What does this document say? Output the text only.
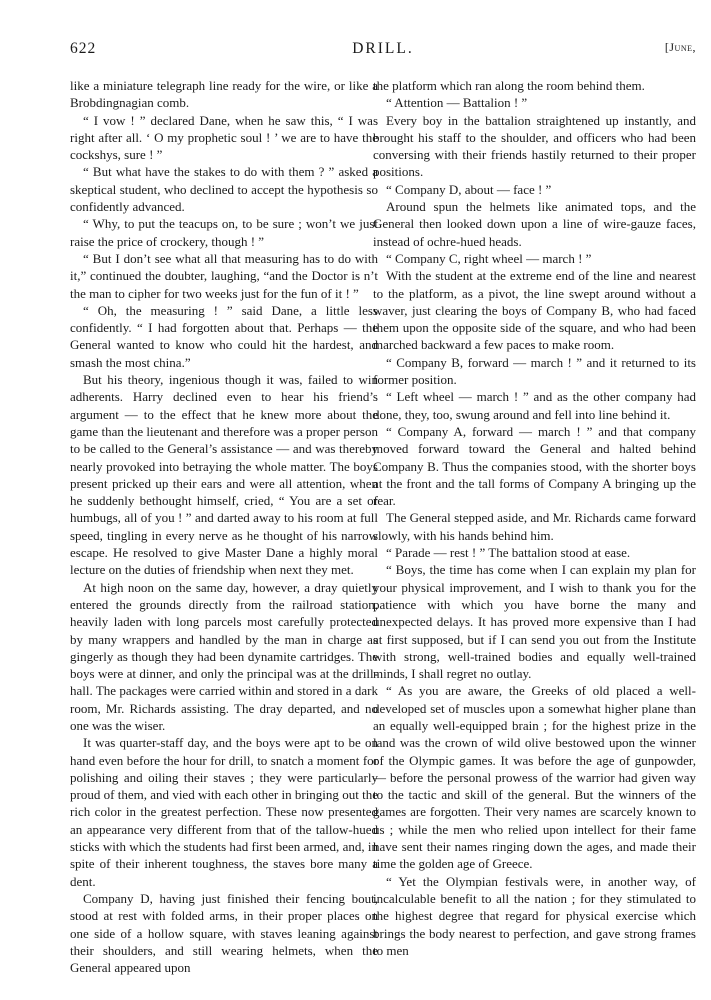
622	DRILL.	[June,

like a miniature telegraph line ready for the wire, or like a Brobdingnagian comb.

“ I vow ! ” declared Dane, when he saw this, “ I was right after all. ‘ O my prophetic soul ! ’ we are to have the cockshys, sure ! ”

“ But what have the stakes to do with them ? ” asked a skeptical student, who declined to accept the hypothesis so confidently advanced.

“ Why, to put the teacups on, to be sure ; won’t we just raise the price of crockery, though ! ”

“ But I don’t see what all that measuring has to do with it,” continued the doubter, laughing, “and the Doctor is n’t the man to cipher for two weeks just for the fun of it ! ”

“ Oh, the measuring ! ” said Dane, a little less confidently. “ I had forgotten about that. Perhaps — the General wanted to know who could hit the hardest, and smash the most china.”

But his theory, ingenious though it was, failed to win adherents. Harry declined even to hear his friend’s argument — to the effect that he knew more about the game than the lieutenant and therefore was a proper person to be called to the General’s assistance — and was thereby nearly provoked into betraying the whole matter. The boys present pricked up their ears and were all attention, when he suddenly bethought himself, cried, “ You are a set of humbugs, all of you ! ” and darted away to his room at full speed, tingling in every nerve as he thought of his narrow escape. He resolved to give Master Dane a highly moral lecture on the duties of friendship when next they met.

At high noon on the same day, however, a dray quietly entered the grounds directly from the railroad station, heavily laden with long parcels most carefully protected by many wrappers and handled by the man in charge as gingerly as though they had been dynamite cartridges. The boys were at dinner, and only the principal was at the drill-hall. The packages were carried within and stored in a dark room, Mr. Richards assisting. The dray departed, and no one was the wiser.

It was quarter-staff day, and the boys were apt to be on hand even before the hour for drill, to snatch a moment for polishing and oiling their staves ; they were particularly proud of them, and vied with each other in bringing out the rich color in the greatest perfection. These now presented an appearance very different from that of the tallow-hued sticks with which the students had first been armed, and, in spite of their inherent toughness, the staves bore many a dent.

Company D, having just finished their fencing bout, stood at rest with folded arms, in their proper places on one side of a hollow square, with staves leaning against their shoulders, and still wearing helmets, when the General appeared upon

the platform which ran along the room behind them.

“ Attention — Battalion ! ”

Every boy in the battalion straightened up instantly, and brought his staff to the shoulder, and officers who had been conversing with their friends hastily returned to their proper positions.

“ Company D, about — face ! ”

Around spun the helmets like animated tops, and the General then looked down upon a line of wire-gauze faces, instead of ochre-hued heads.

“ Company C, right wheel — march ! ”

With the student at the extreme end of the line and nearest to the platform, as a pivot, the line swept around without a waver, just clearing the boys of Company B, who had faced them upon the opposite side of the square, and who had been marched backward a few paces to make room.

“ Company B, forward — march ! ” and it returned to its former position.

“ Left wheel — march ! ” and as the other company had done, they, too, swung around and fell into line behind it.

“ Company A, forward — march ! ” and that company moved forward toward the General and halted behind Company B. Thus the companies stood, with the shorter boys at the front and the tall forms of Company A bringing up the rear.

The General stepped aside, and Mr. Richards came forward slowly, with his hands behind him.

“ Parade — rest ! ” The battalion stood at ease.

“ Boys, the time has come when I can explain my plan for your physical improvement, and I wish to thank you for the patience with which you have borne the many and unexpected delays. It has proved more expensive than I had at first supposed, but if I can send you out from the Institute with strong, well-trained bodies and equally well-trained minds, I shall regret no outlay.

“ As you are aware, the Greeks of old placed a well-developed set of muscles upon a somewhat higher plane than an equally well-equipped brain ; for the highest prize in the land was the crown of wild olive bestowed upon the winner of the Olympic games. It was before the age of gunpowder, — before the personal prowess of the warrior had given way to the tactic and skill of the general. But the winners of the games are forgotten. Their very names are scarcely known to us ; while the men who relied upon intellect for their fame have sent their names ringing down the ages, and made their time the golden age of Greece.

“ Yet the Olympian festivals were, in another way, of incalculable benefit to all the nation ; for they stimulated to the highest degree that regard for physical exercise which brings the body nearest to perfection, and gave strong frames to men
